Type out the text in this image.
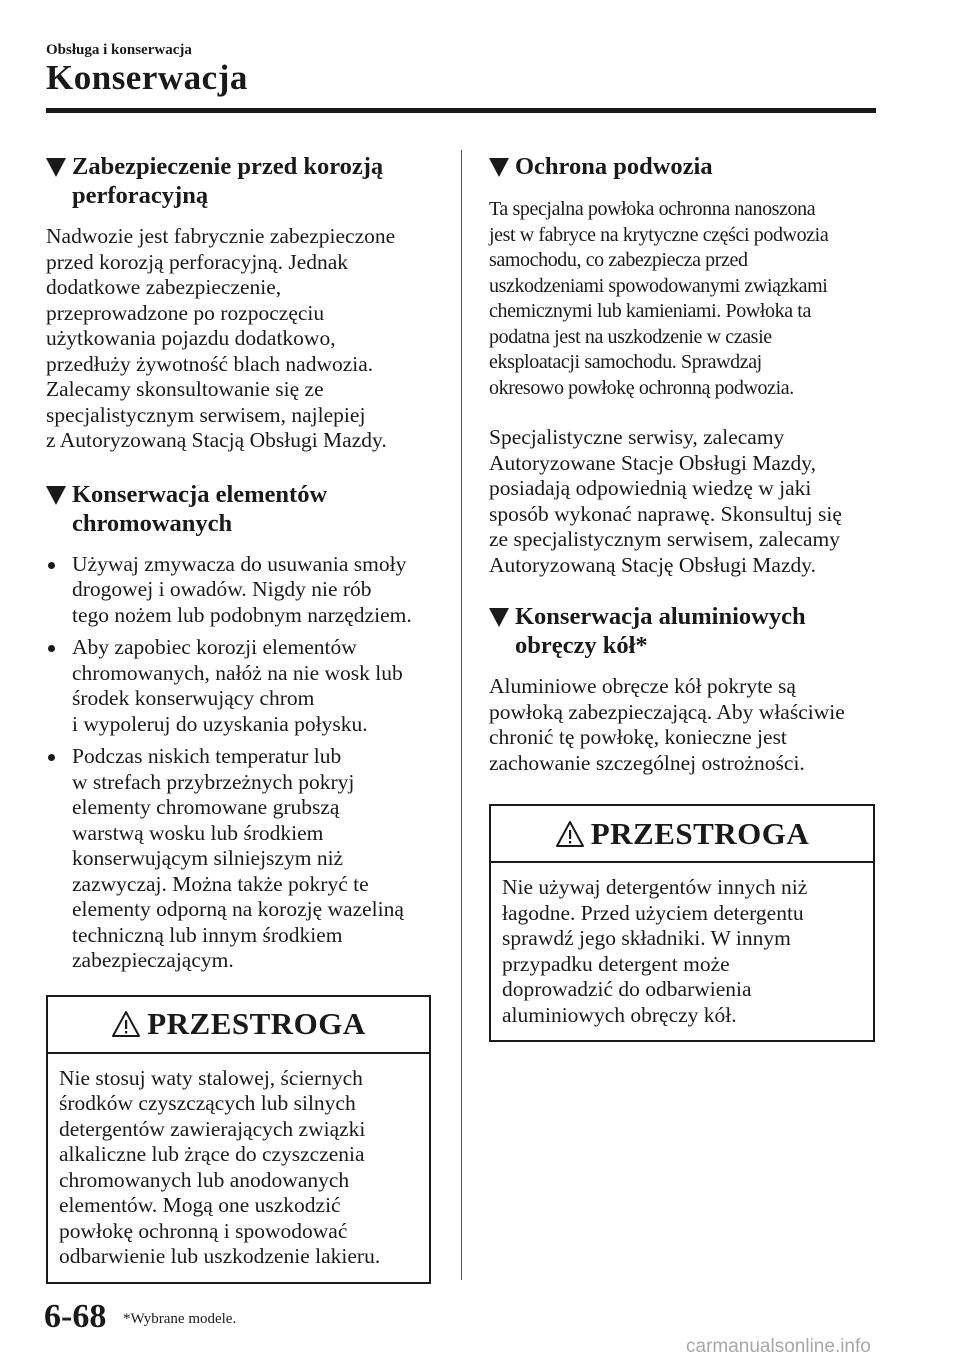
Obsługa i konserwacja
Konserwacja
Zabezpieczenie przed korozją
perforacyjną

Nadwozie jest fabrycznie zabezpieczone
przed korozją perforacyjną. Jednak
dodatkowe zabezpieczenie,
przeprowadzone po rozpoczęciu
użytkowania pojazdu dodatkowo,
przedłuży żywotność blach nadwozia.
Zalecamy skonsultowanie się ze
specjalistycznym serwisem, najlepiej
z Autoryzowaną Stacją Obsługi Mazdy.

Konserwacja elementów
chromowanych
Używaj zmywacza do usuwania smoły
drogowej i owadów. Nigdy nie rób
tego nożem lub podobnym narzędziem.
Aby zapobiec korozji elementów
chromowanych, nałóż na nie wosk lub
środek konserwujący chrom
i wypoleruj do uzyskania połysku.
Podczas niskich temperatur lub
w strefach przybrzeżnych pokryj
elementy chromowane grubszą
warstwą wosku lub środkiem
konserwującym silniejszym niż
zazwyczaj. Można także pokryć te
elementy odporną na korozję wazeliną
techniczną lub innym środkiem
zabezpieczającym.
PRZESTROGA
Nie stosuj waty stalowej, ściernych
środków czyszczących lub silnych
detergentów zawierających związki
alkaliczne lub żrące do czyszczenia
chromowanych lub anodowanych
elementów. Mogą one uszkodzić
powłokę ochronną i spowodować
odbarwienie lub uszkodzenie lakieru.
Ochrona podwozia

Ta specjalna powłoka ochronna nanoszona
jest w fabryce na krytyczne części podwozia
samochodu, co zabezpiecza przed
uszkodzeniami spowodowanymi związkami
chemicznymi lub kamieniami. Powłoka ta
podatna jest na uszkodzenie w czasie
eksploatacji samochodu. Sprawdzaj
okresowo powłokę ochronną podwozia.

Specjalistyczne serwisy, zalecamy
Autoryzowane Stacje Obsługi Mazdy,
posiadają odpowiednią wiedzę w jaki
sposób wykonać naprawę. Skonsultuj się
ze specjalistycznym serwisem, zalecamy
Autoryzowaną Stację Obsługi Mazdy.

Konserwacja aluminiowych
obręczy kół*

Aluminiowe obręcze kół pokryte są
powłoką zabezpieczającą. Aby właściwie
chronić tę powłokę, konieczne jest
zachowanie szczególnej ostrożności.

PRZESTROGA
Nie używaj detergentów innych niż
łagodne. Przed użyciem detergentu
sprawdź jego składniki. W innym
przypadku detergent może
doprowadzić do odbarwienia
aluminiowych obręczy kół.
6-68 *Wybrane modele.
carmanualsonline.info
